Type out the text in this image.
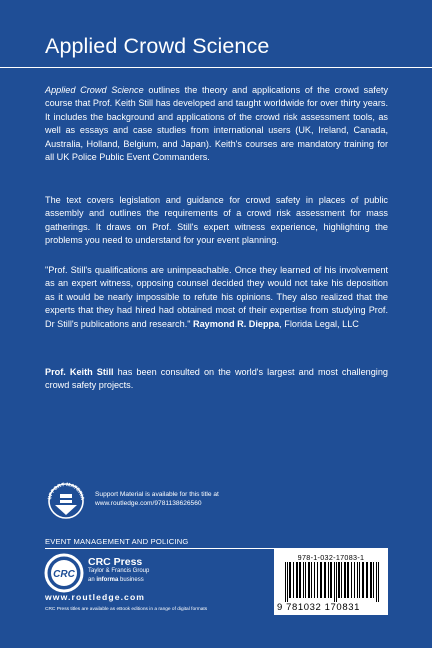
Applied Crowd Science
Applied Crowd Science outlines the theory and applications of the crowd safety course that Prof. Keith Still has developed and taught worldwide for over thirty years. It includes the background and applications of the crowd risk assessment tools, as well as essays and case studies from international users (UK, Ireland, Canada, Australia, Holland, Belgium, and Japan). Keith's courses are mandatory training for all UK Police Public Event Commanders.
The text covers legislation and guidance for crowd safety in places of public assembly and outlines the requirements of a crowd risk assessment for mass gatherings. It draws on Prof. Still's expert witness experience, highlighting the problems you need to understand for your event planning.
"Prof. Still's qualifications are unimpeachable. Once they learned of his involvement as an expert witness, opposing counsel decided they would not take his deposition as it would be nearly impossible to refute his opinions. They also realized that the experts that they had hired had obtained most of their expertise from studying Prof. Dr Still's publications and research." Raymond R. Dieppa, Florida Legal, LLC
Prof. Keith Still has been consulted on the world's largest and most challenging crowd safety projects.
UPPORT MATERIA
Support Material is available for this title at
www.routledge.com/9781138626560
EVENT MANAGEMENT AND POLICING
CRC
CRC Press
Taylor & Francis Group
an informa business
www.routledge.com
CRC Press titles are available as eBook editions in a range of digital formats
978-1-032-17083-1
9 781032 170831
